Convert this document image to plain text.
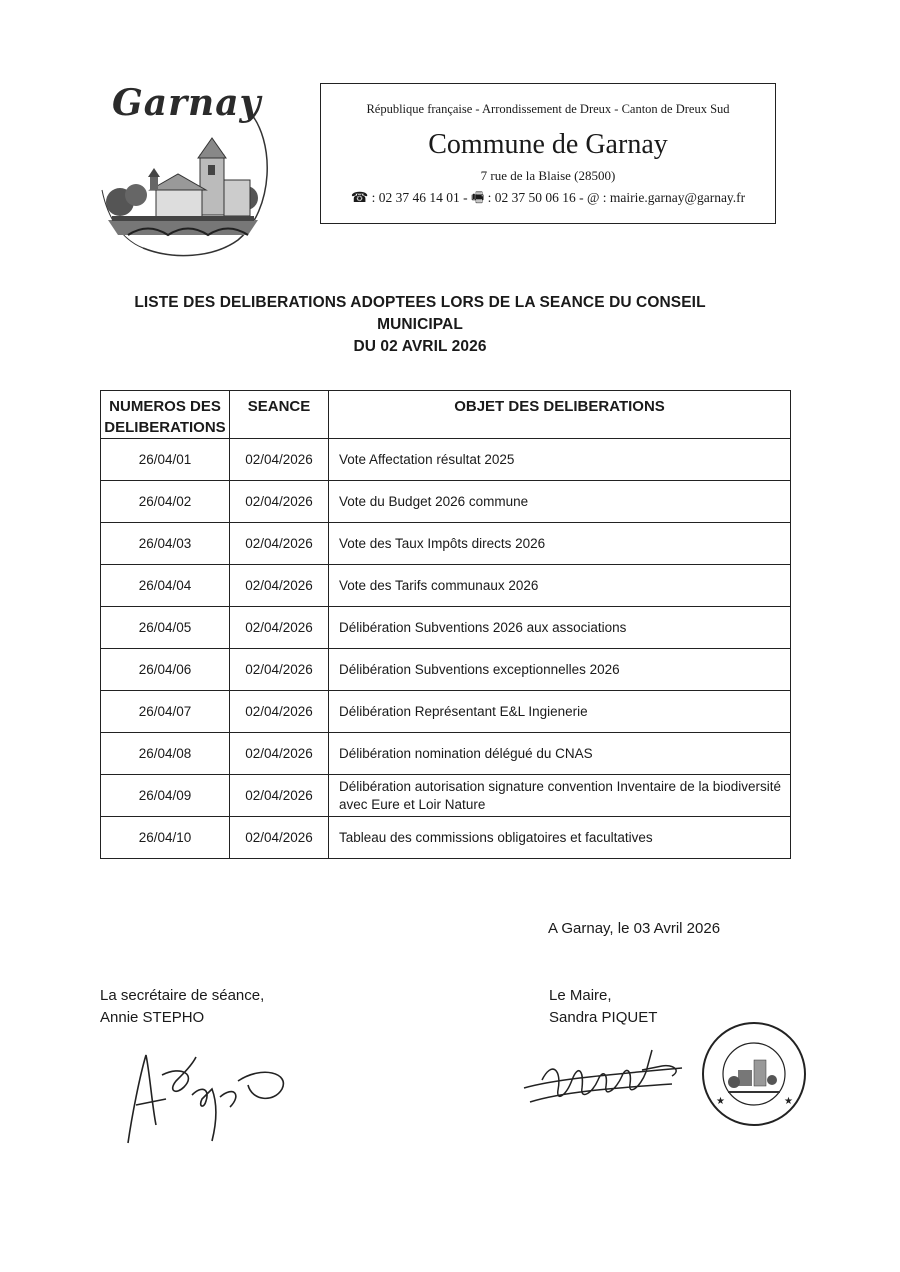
Garnay	République française - Arrondissement de Dreux - Canton de Dreux Sud
Commune de Garnay
7 rue de la Blaise (28500)
☎ : 02 37 46 14 01 - 🖷 : 02 37 50 06 16 - @ : mairie.garnay@garnay.fr
LISTE DES DELIBERATIONS ADOPTEES LORS DE LA SEANCE DU CONSEIL MUNICIPAL
DU 02 AVRIL 2026
NUMEROS DES DELIBERATIONS	SEANCE	OBJET DES DELIBERATIONS
26/04/01	02/04/2026	Vote Affectation résultat 2025
26/04/02	02/04/2026	Vote du Budget 2026 commune
26/04/03	02/04/2026	Vote des Taux Impôts directs 2026
26/04/04	02/04/2026	Vote des Tarifs communaux 2026
26/04/05	02/04/2026	Délibération Subventions 2026 aux associations
26/04/06	02/04/2026	Délibération Subventions exceptionnelles 2026
26/04/07	02/04/2026	Délibération Représentant E&L Ingienerie
26/04/08	02/04/2026	Délibération nomination délégué du CNAS
26/04/09	02/04/2026	Délibération autorisation signature convention Inventaire de la biodiversité avec Eure et Loir Nature
26/04/10	02/04/2026	Tableau des commissions obligatoires et facultatives
A Garnay, le 03 Avril 2026
La secrétaire de séance,
Annie STEPHO
Le Maire,
Sandra PIQUET
★	★
